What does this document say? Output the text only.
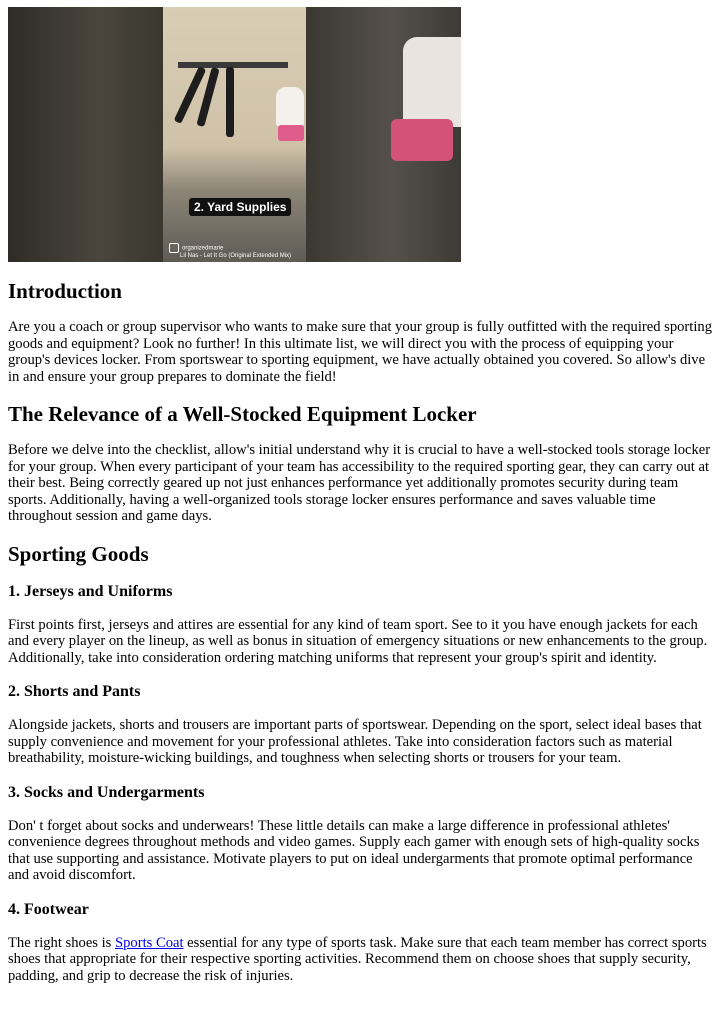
2. Yard Supplies
organizedmarie
Lil Nas - Let It Go (Original Extended Mix)
Introduction

Are you a coach or group supervisor who wants to make sure that your group is fully outfitted with the required sporting goods and equipment? Look no further! In this ultimate list, we will direct you with the process of equipping your group's devices locker. From sportswear to sporting equipment, we have actually obtained you covered. So allow's dive in and ensure your group prepares to dominate the field!

The Relevance of a Well-Stocked Equipment Locker

Before we delve into the checklist, allow's initial understand why it is crucial to have a well-stocked tools storage locker for your group. When every participant of your team has accessibility to the required sporting gear, they can carry out at their best. Being correctly geared up not just enhances performance yet additionally promotes security during team sports. Additionally, having a well-organized tools storage locker ensures performance and saves valuable time throughout session and game days.

Sporting Goods
1. Jerseys and Uniforms

First points first, jerseys and attires are essential for any kind of team sport. See to it you have enough jackets for each and every player on the lineup, as well as bonus in situation of emergency situations or new enhancements to the group. Additionally, take into consideration ordering matching uniforms that represent your group's spirit and identity.

2. Shorts and Pants

Alongside jackets, shorts and trousers are important parts of sportswear. Depending on the sport, select ideal bases that supply convenience and movement for your professional athletes. Take into consideration factors such as material breathability, moisture-wicking buildings, and toughness when selecting shorts or trousers for your team.

3. Socks and Undergarments

Don' t forget about socks and underwears! These little details can make a large difference in professional athletes' convenience degrees throughout methods and video games. Supply each gamer with enough sets of high-quality socks that use supporting and assistance. Motivate players to put on ideal undergarments that promote optimal performance and avoid discomfort.

4. Footwear

The right shoes is Sports Coat essential for any type of sports task. Make sure that each team member has correct sports shoes that appropriate for their respective sporting activities. Recommend them on choose shoes that supply security, padding, and grip to decrease the risk of injuries.
